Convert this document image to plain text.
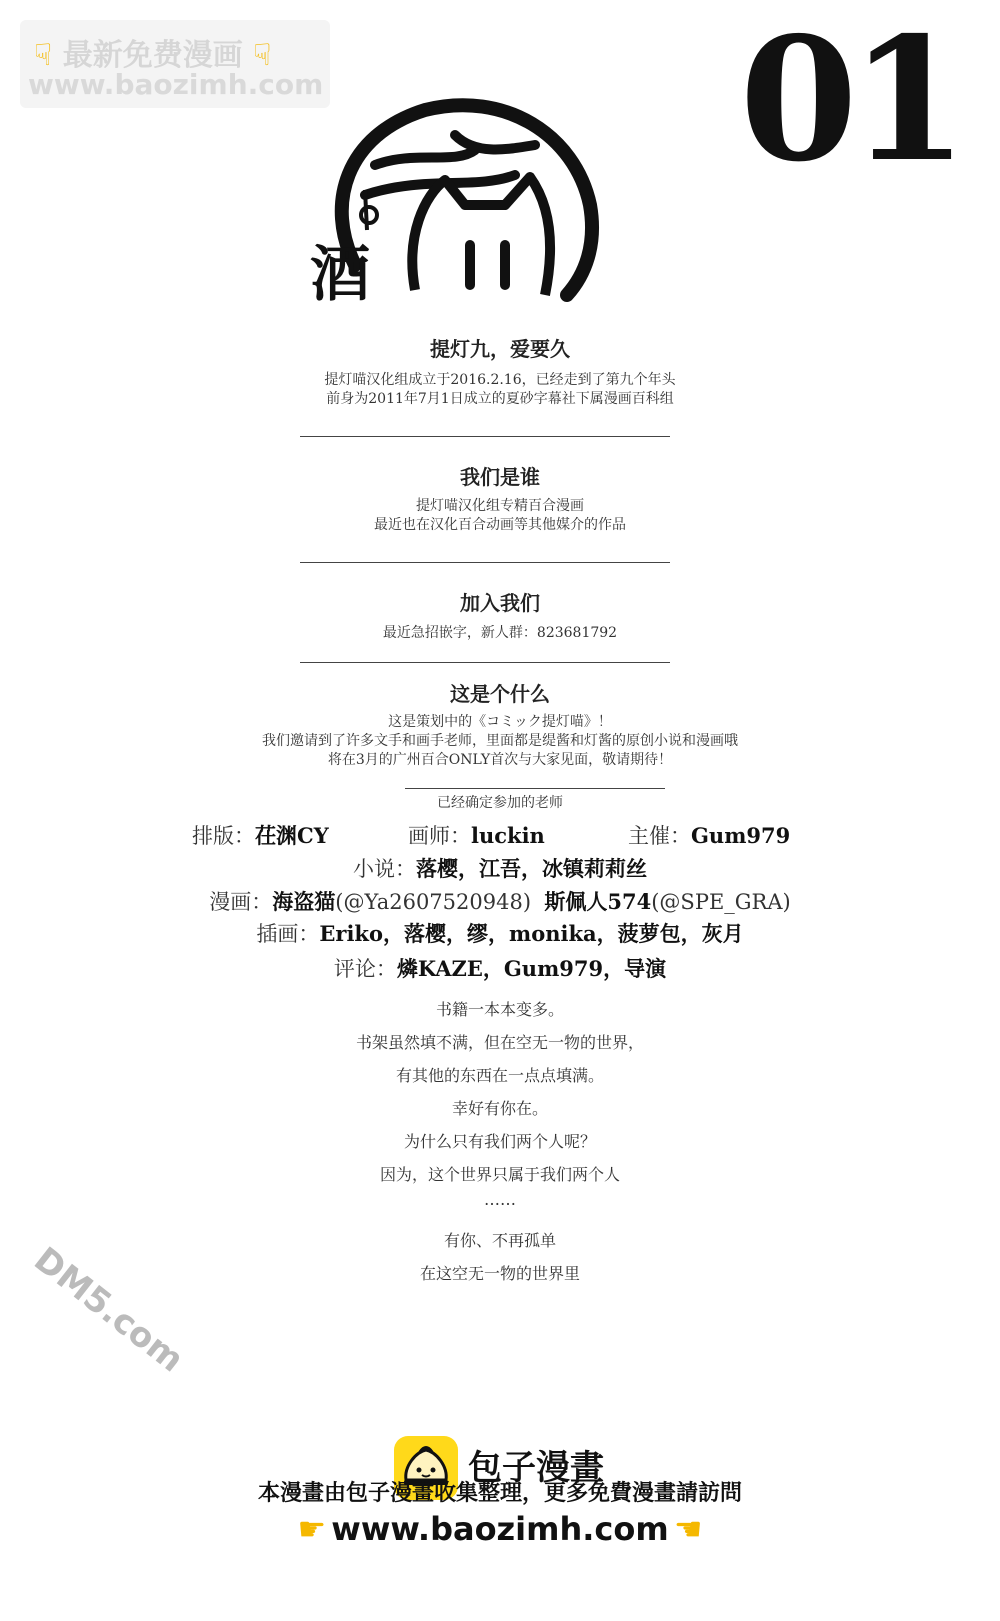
☟ 最新免费漫画 ☟
www.baozimh.com 01
酒
提灯九，爱要久
提灯喵汉化组成立于2016.2.16，已经走到了第九个年头
前身为2011年7月1日成立的夏砂字幕社下属漫画百科组
我们是谁
提灯喵汉化组专精百合漫画
最近也在汉化百合动画等其他媒介的作品
加入我们
最近急招嵌字，新人群：823681792
这是个什么
这是策划中的《コミック提灯喵》！
我们邀请到了许多文手和画手老师，里面都是缇酱和灯酱的原创小说和漫画哦
将在3月的广州百合ONLY首次与大家见面，敬请期待！
已经确定参加的老师
排版：茌渊CY	画师：luckin	主催：Gum979
小说：落樱，江吾，冰镇莉莉丝
漫画：海盗猫(@Ya2607520948) 斯佩人574(@SPE_GRA)
插画：Eriko，落樱，缪，monika，菠萝包，灰月
评论：燐KAZE，Gum979，导演
书籍一本本变多。
书架虽然填不满，但在空无一物的世界，
有其他的东西在一点点填满。
幸好有你在。
为什么只有我们两个人呢？
因为，这个世界只属于我们两个人
……
有你、不再孤单
在这空无一物的世界里
DM5.com
包子漫畫
本漫畫由包子漫畫收集整理，更多免費漫畫請訪問
☛ www.baozimh.com ☚
